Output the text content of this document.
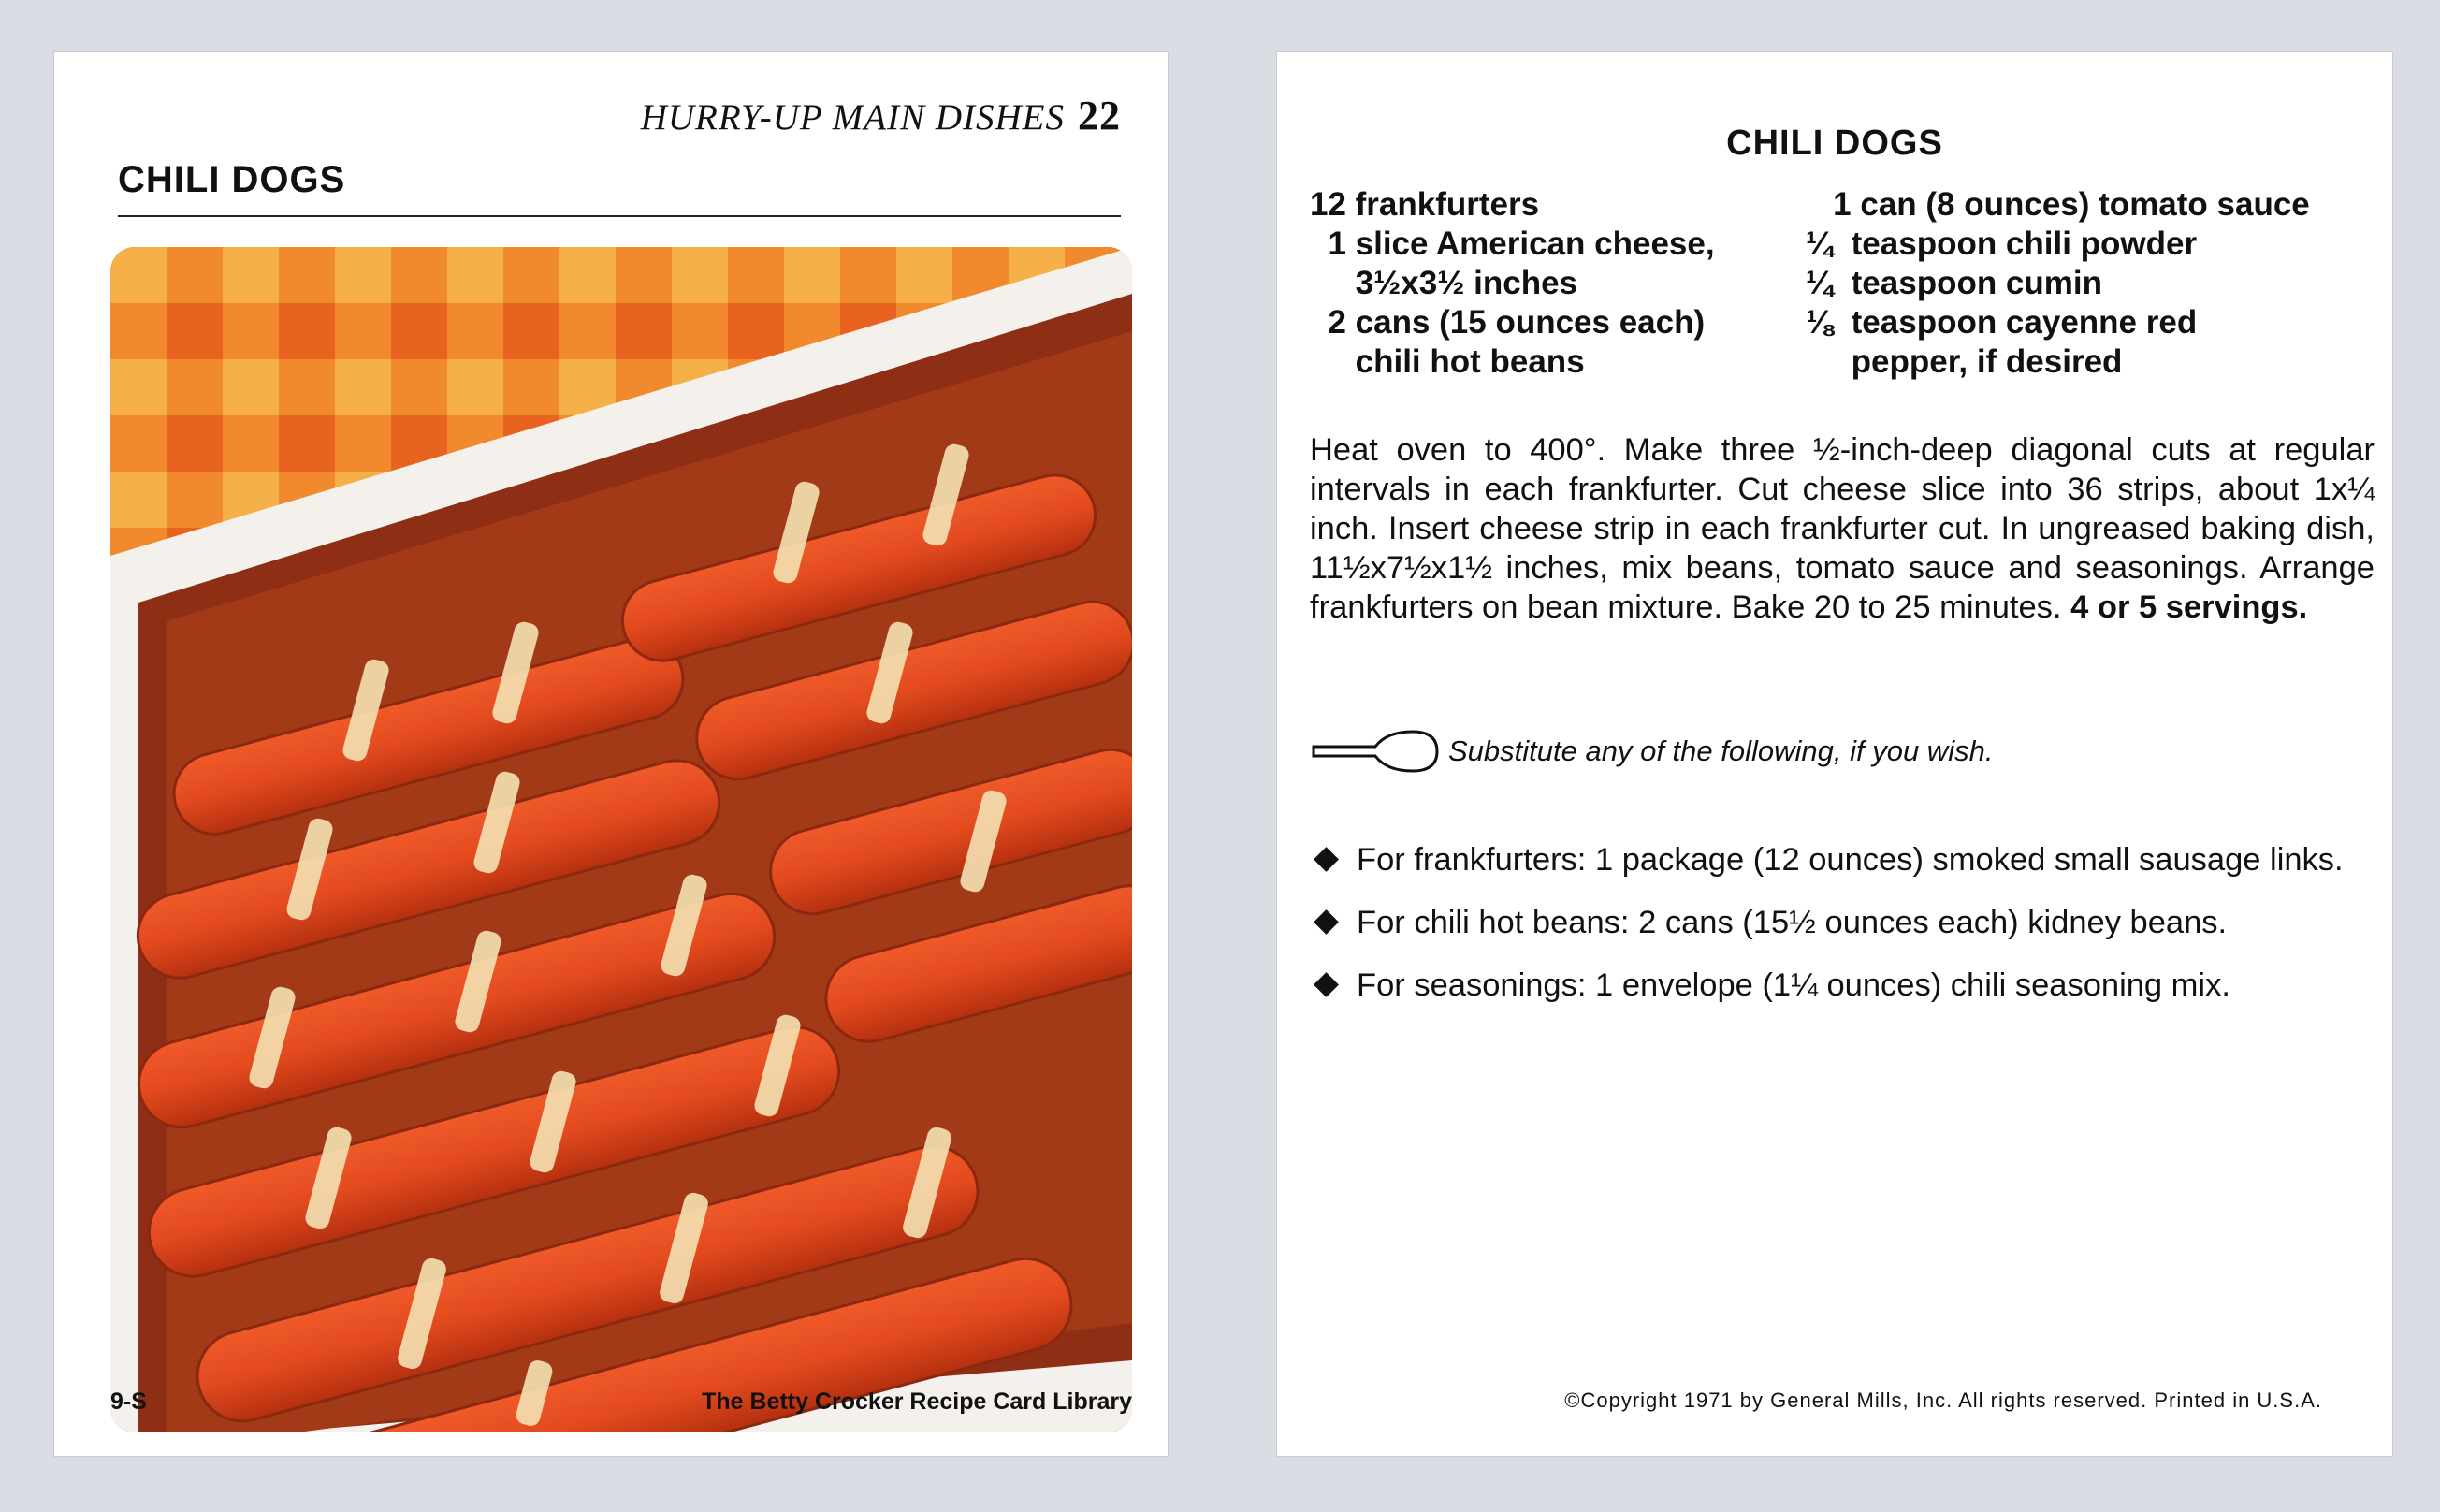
HURRY-UP MAIN DISHES 22
CHILI DOGS
9-S	The Betty Crocker Recipe Card Library
CHILI DOGS
12 frankfurters
1 slice American cheese,
3½x3½ inches
2 cans (15 ounces each)
chili hot beans
1 can (8 ounces) tomato sauce
¼  teaspoon chili powder
¼  teaspoon cumin
⅛  teaspoon cayenne red
pepper, if desired
Heat oven to 400°. Make three ½-inch-deep diagonal cuts at regular intervals in each frankfurter. Cut cheese slice into 36 strips, about 1x¼ inch. Insert cheese strip in each frankfurter cut. In ungreased baking dish, 11½x7½x1½ inches, mix beans, tomato sauce and seasonings. Arrange frankfurters on bean mixture. Bake 20 to 25 minutes. 4 or 5 servings.
Substitute any of the following, if you wish.
For frankfurters: 1 package (12 ounces) smoked small sausage links.
For chili hot beans: 2 cans (15½ ounces each) kidney beans.
For seasonings: 1 envelope (1¼ ounces) chili seasoning mix.
©Copyright 1971 by General Mills, Inc. All rights reserved. Printed in U.S.A.
